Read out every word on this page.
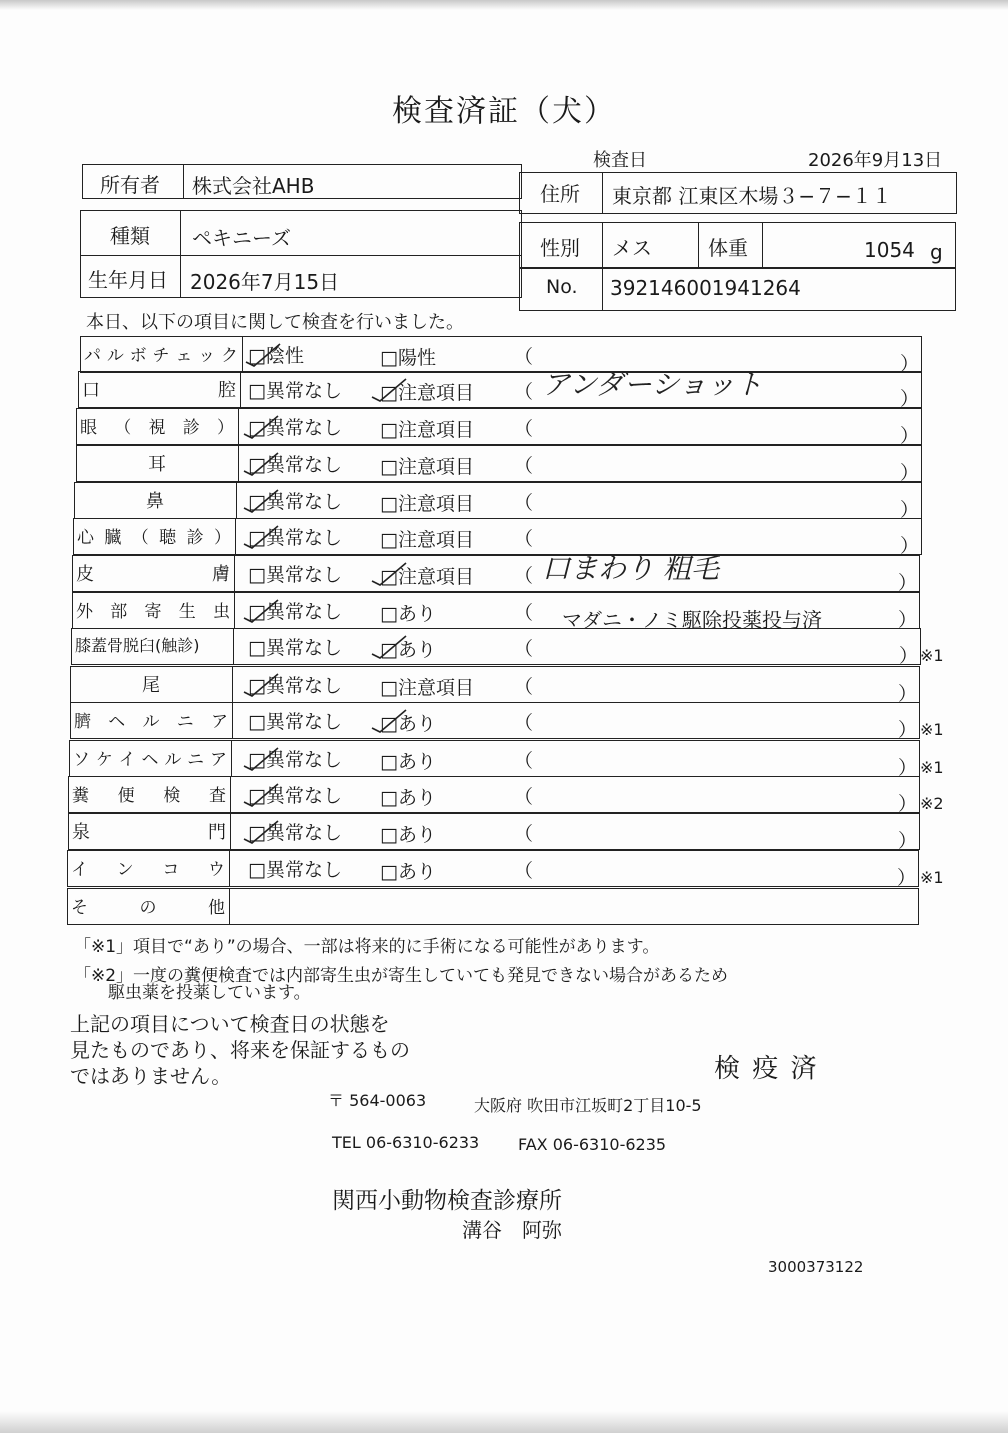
検査済証（犬）
検査日	2026年9月13日
所有者 株式会社AHB	住所 東京都 江東区木場３−７−１１
種類 ペキニーズ
生年月日 2026年7月15日
性別 メス	体重	1054 g
No. 392146001941264
本日、以下の項目に関して検査を行いました。
パ ル ボ チ ェ ッ ク □陰性	□陽性	（	）
口	腔 □異常なし □注意項目 （	）
アンダーショット
眼 （ 視 診 ） □異常なし □注意項目 （	）
耳	□異常なし □注意項目 （	）
鼻	□異常なし □注意項目 （	）
心 臓 （ 聴 診 ） □異常なし □注意項目 （	）
皮	膚 □異常なし □注意項目 （	）
口まわり 粗毛
外 部 寄 生 虫 □異常なし □あり	（	）
マダニ・ノミ駆除投薬投与済
膝蓋骨脱臼(触診)	□異常なし □あり	（	） ※1
尾	□異常なし □注意項目 （	）
臍 ヘ ル ニ ア □異常なし □あり	（	） ※1
ソ ケ イ ヘ ル ニ ア □異常なし □あり	（	） ※1
糞 便 検 査 □異常なし □あり	（	） ※2
泉	門 □異常なし □あり	（	）
イ ン コ ウ □異常なし □あり	（	） ※1
そ	の	他
「※1」項目で“あり”の場合、一部は将来的に手術になる可能性があります。
「※2」一度の糞便検査では内部寄生虫が寄生していても発見できない場合があるため
駆虫薬を投薬しています。
上記の項目について検査日の状態を
見たものであり、将来を保証するもの
ではありません。	検 疫 済
〒 564-0063	大阪府 吹田市江坂町2丁目10-5
TEL 06-6310-6233 FAX 06-6310-6235
関西小動物検査診療所
溝谷　阿弥
3000373122
